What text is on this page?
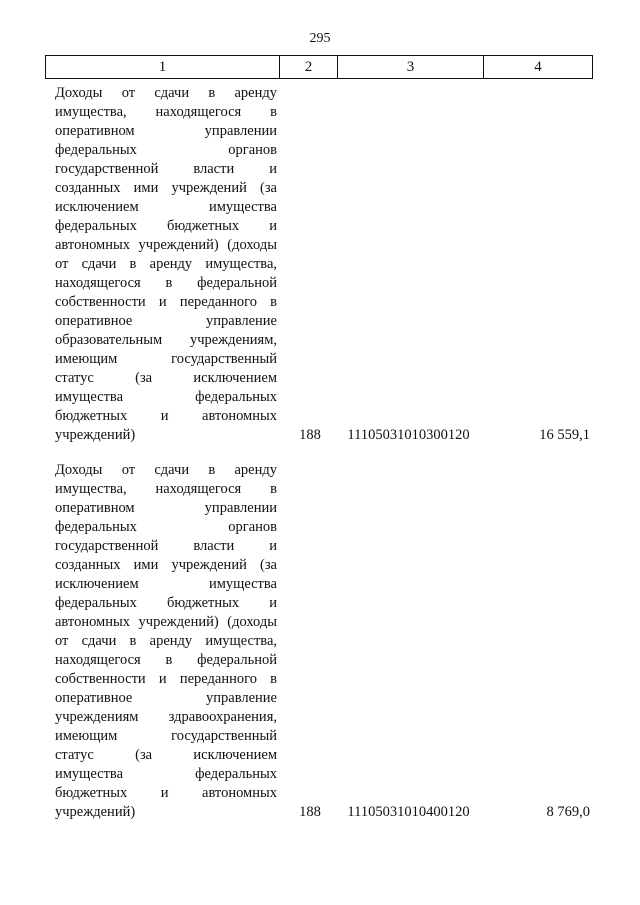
295
1	2	3	4
Доходы от сдачи в аренду
имущества, находящегося в
оперативном управлении
федеральных органов
государственной власти и
созданных ими учреждений (за
исключением имущества
федеральных бюджетных и
автономных учреждений) (доходы
от сдачи в аренду имущества,
находящегося в федеральной
собственности и переданного в
оперативное управление
образовательным учреждениям,
имеющим государственный
статус (за исключением
имущества федеральных
бюджетных и автономных
учреждений)	188	11105031010300120	16 559,1
Доходы от сдачи в аренду
имущества, находящегося в
оперативном управлении
федеральных органов
государственной власти и
созданных ими учреждений (за
исключением имущества
федеральных бюджетных и
автономных учреждений) (доходы
от сдачи в аренду имущества,
находящегося в федеральной
собственности и переданного в
оперативное управление
учреждениям здравоохранения,
имеющим государственный
статус (за исключением
имущества федеральных
бюджетных и автономных
учреждений)	188	11105031010400120	8 769,0
